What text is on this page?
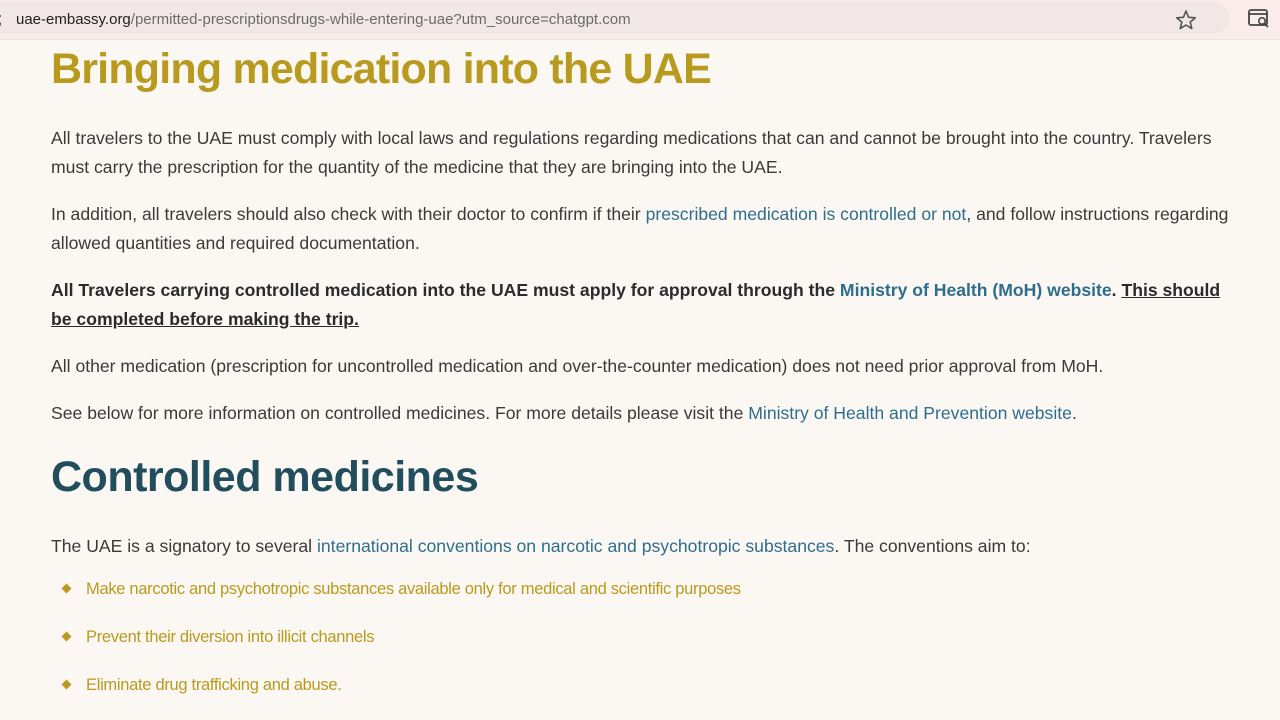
uae-embassy.org/permitted-prescriptionsdrugs-while-entering-uae?utm_source=chatgpt.com
Bringing medication into the UAE

All travelers to the UAE must comply with local laws and regulations regarding medications that can and cannot be brought into the country. Travelers must carry the prescription for the quantity of the medicine that they are bringing into the UAE.

In addition, all travelers should also check with their doctor to confirm if their prescribed medication is controlled or not, and follow instructions regarding allowed quantities and required documentation.

All Travelers carrying controlled medication into the UAE must apply for approval through the Ministry of Health (MoH) website. This should be completed before making the trip.

All other medication (prescription for uncontrolled medication and over-the-counter medication) does not need prior approval from MoH.

See below for more information on controlled medicines. For more details please visit the Ministry of Health and Prevention website.

Controlled medicines

The UAE is a signatory to several international conventions on narcotic and psychotropic substances. The conventions aim to:

Make narcotic and psychotropic substances available only for medical and scientific purposes
Prevent their diversion into illicit channels
Eliminate drug trafficking and abuse.
